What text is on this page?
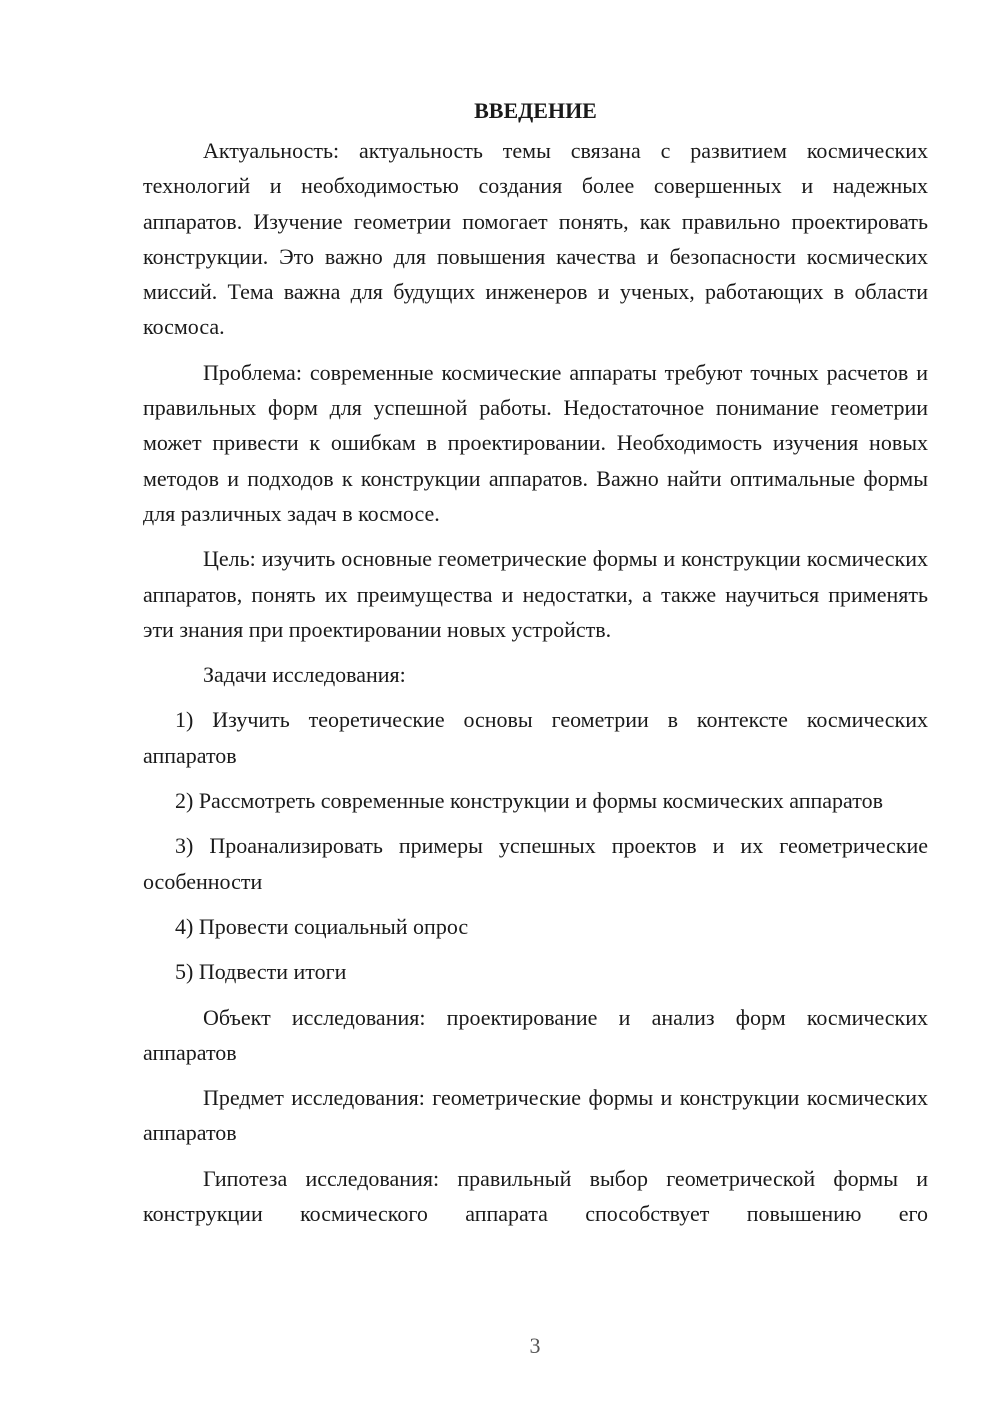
ВВЕДЕНИЕ

Актуальность: актуальность темы связана с развитием космических технологий и необходимостью создания более совершенных и надежных аппаратов. Изучение геометрии помогает понять, как правильно проектировать конструкции. Это важно для повышения качества и безопасности космических миссий. Тема важна для будущих инженеров и ученых, работающих в области космоса.

Проблема: современные космические аппараты требуют точных расчетов и правильных форм для успешной работы. Недостаточное понимание геометрии может привести к ошибкам в проектировании. Необходимость изучения новых методов и подходов к конструкции аппаратов. Важно найти оптимальные формы для различных задач в космосе.

Цель: изучить основные геометрические формы и конструкции космических аппаратов, понять их преимущества и недостатки, а также научиться применять эти знания при проектировании новых устройств.

Задачи исследования:

1) Изучить теоретические основы геометрии в контексте космических аппаратов

2) Рассмотреть современные конструкции и формы космических аппаратов

3) Проанализировать примеры успешных проектов и их геометрические особенности

4) Провести социальный опрос

5) Подвести итоги

Объект исследования: проектирование и анализ форм космических аппаратов

Предмет исследования: геометрические формы и конструкции космических аппаратов

Гипотеза исследования: правильный выбор геометрической формы и конструкции космического аппарата способствует повышению его

3
